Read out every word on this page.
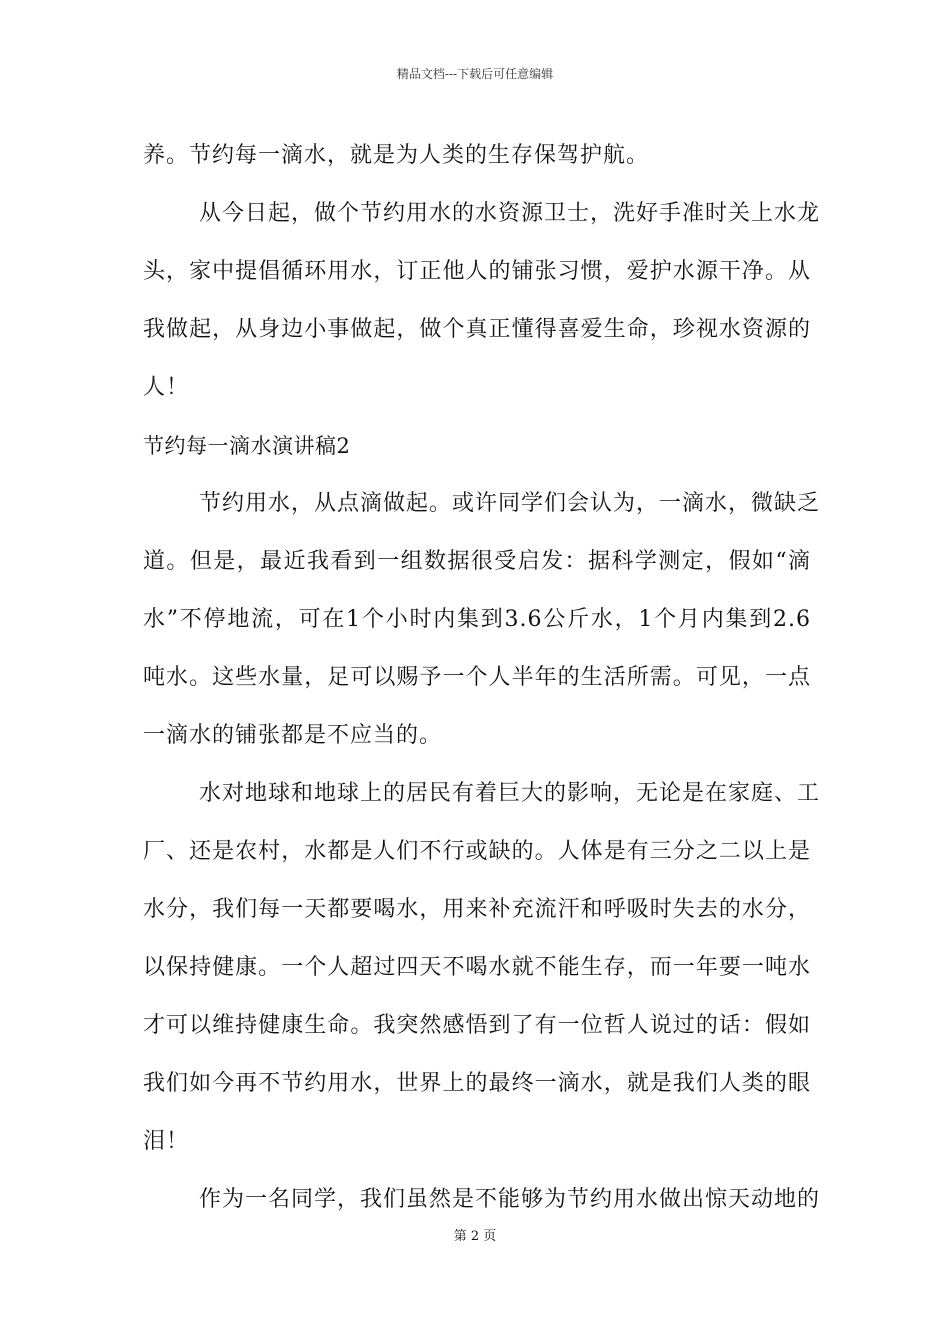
精品文档---下载后可任意编辑
养。节约每一滴水，就是为人类的生存保驾护航。
从今日起，做个节约用水的水资源卫士，洗好手准时关上水龙
头，家中提倡循环用水，订正他人的铺张习惯，爱护水源干净。从
我做起，从身边小事做起，做个真正懂得喜爱生命，珍视水资源的
人！
节约每一滴水演讲稿2
节约用水，从点滴做起。或许同学们会认为，一滴水，微缺乏
道。但是，最近我看到一组数据很受启发：据科学测定，假如“滴
水”不停地流，可在1个小时内集到3.6公斤水，1个月内集到2.6
吨水。这些水量，足可以赐予一个人半年的生活所需。可见，一点
一滴水的铺张都是不应当的。
水对地球和地球上的居民有着巨大的影响，无论是在家庭、工
厂、还是农村，水都是人们不行或缺的。人体是有三分之二以上是
水分，我们每一天都要喝水，用来补充流汗和呼吸时失去的水分，
以保持健康。一个人超过四天不喝水就不能生存，而一年要一吨水
才可以维持健康生命。我突然感悟到了有一位哲人说过的话：假如
我们如今再不节约用水，世界上的最终一滴水，就是我们人类的眼
泪！
作为一名同学，我们虽然是不能够为节约用水做出惊天动地的
第 2 页
